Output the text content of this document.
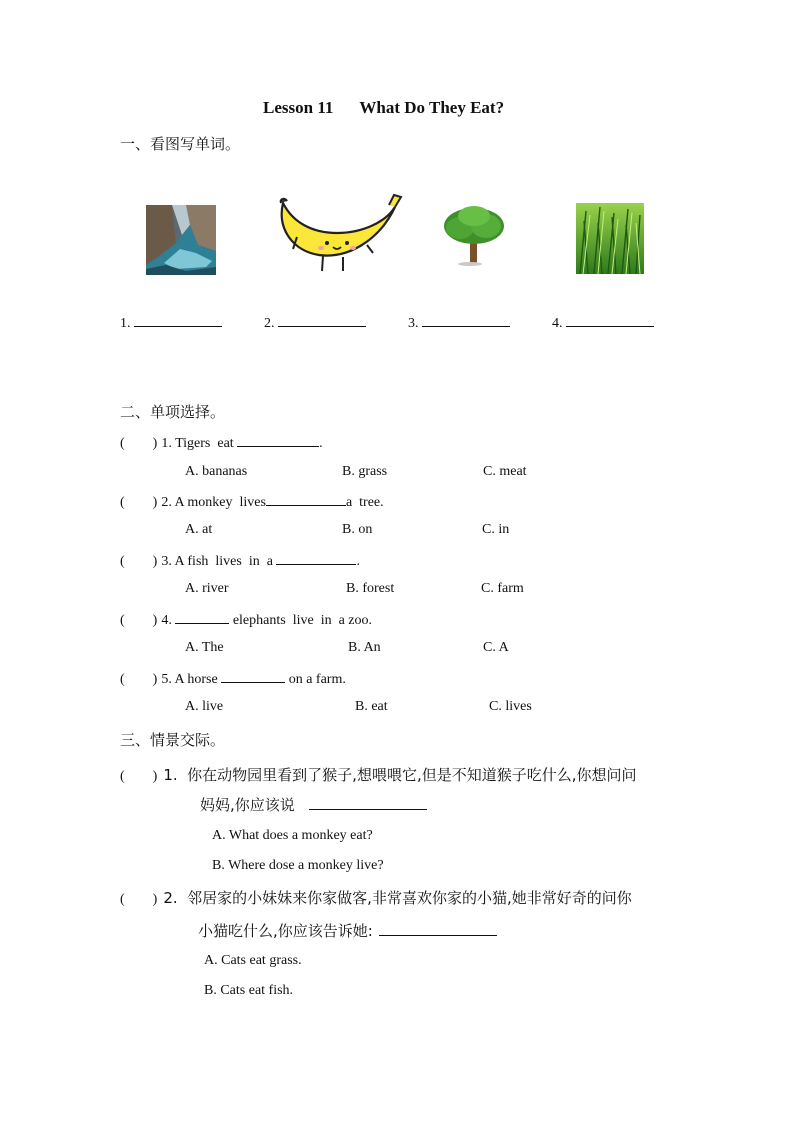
Lesson 11 What Do They Eat?
一、看图写单词。
1.	2.	3.	4.
二、单项选择。
(        ) 1. Tigers  eat	.
A. bananas	B. grass	C. meat
(        ) 2. A monkey  lives	a  tree.
A. at	B. on	C. in
(        ) 3. A fish  lives  in  a	.
A. river	B. forest	C. farm
(        ) 4.	elephants  live  in  a zoo.
A. The	B. An	C. A
(        ) 5. A horse	on a farm.
A. live	B. eat	C. lives
三、情景交际。
(        ) 1.  你在动物园里看到了猴子,想喂喂它,但是不知道猴子吃什么,你想问问
妈妈,你应该说
A. What does a monkey eat?
B. Where dose a monkey live?
(        ) 2.  邻居家的小妹妹来你家做客,非常喜欢你家的小猫,她非常好奇的问你
小猫吃什么,你应该告诉她:
A. Cats eat grass.
B. Cats eat fish.
